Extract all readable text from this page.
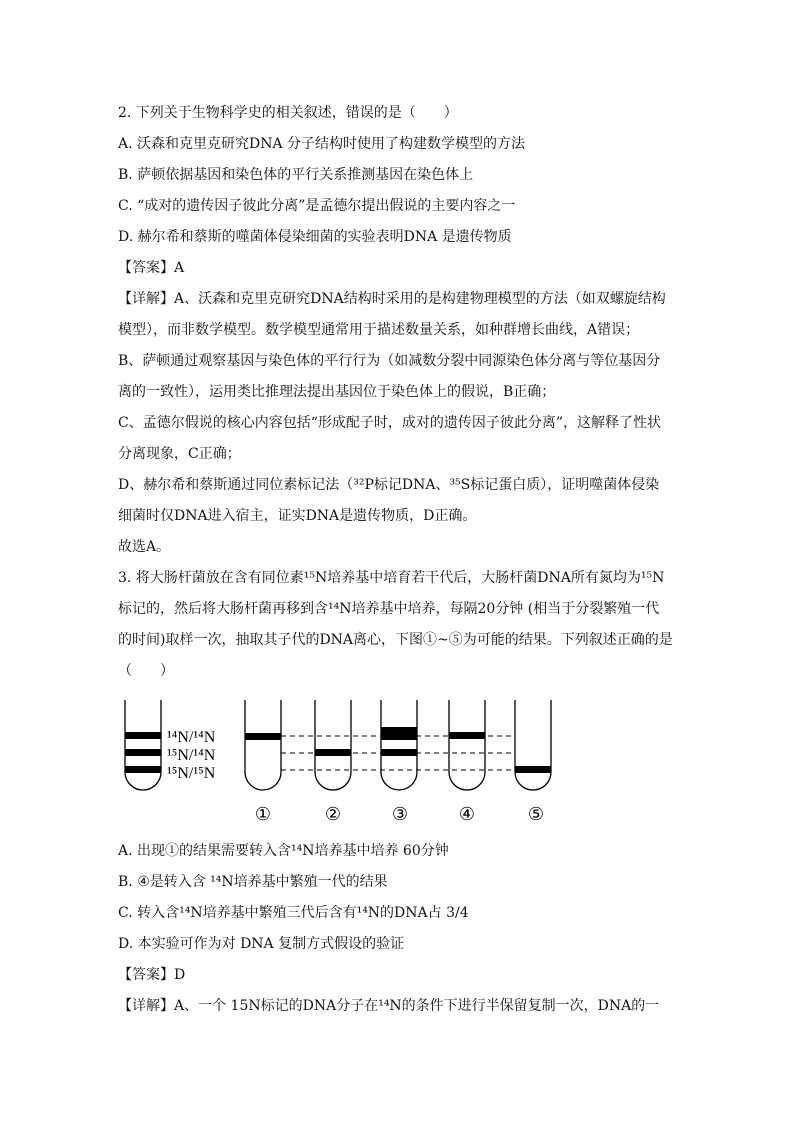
2. 下列关于生物科学史的相关叙述，错误的是（　　）
A. 沃森和克里克研究DNA 分子结构时使用了构建数学模型的方法
B. 萨顿依据基因和染色体的平行关系推测基因在染色体上
C. “成对的遗传因子彼此分离”是孟德尔提出假说的主要内容之一
D. 赫尔希和蔡斯的噬菌体侵染细菌的实验表明DNA 是遗传物质
【答案】A
【详解】A、沃森和克里克研究DNA结构时采用的是构建物理模型的方法（如双螺旋结构
模型），而非数学模型。数学模型通常用于描述数量关系，如种群增长曲线，A错误；
B、萨顿通过观察基因与染色体的平行行为（如减数分裂中同源染色体分离与等位基因分
离的一致性），运用类比推理法提出基因位于染色体上的假说，B正确；
C、孟德尔假说的核心内容包括“形成配子时，成对的遗传因子彼此分离”，这解释了性状
分离现象，C正确；
D、赫尔希和蔡斯通过同位素标记法（³²P标记DNA、³⁵S标记蛋白质），证明噬菌体侵染
细菌时仅DNA进入宿主，证实DNA是遗传物质，D正确。
故选A。
3. 将大肠杆菌放在含有同位素¹⁵N培养基中培育若干代后，大肠杆菌DNA所有氮均为¹⁵N
标记的，然后将大肠杆菌再移到含¹⁴N培养基中培养，每隔20分钟 (相当于分裂繁殖一代
的时间)取样一次，抽取其子代的DNA离心，下图①~⑤为可能的结果。下列叙述正确的是
（　　）
¹⁴N/¹⁴N
¹⁵N/¹⁴N
¹⁵N/¹⁵N
①	②	③	④	⑤
A. 出现①的结果需要转入含¹⁴N培养基中培养 60分钟
B. ④是转入含 ¹⁴N培养基中繁殖一代的结果
C. 转入含¹⁴N培养基中繁殖三代后含有¹⁴N的DNA占 3/4
D. 本实验可作为对 DNA 复制方式假设的验证
【答案】D
【详解】A、一个 15N标记的DNA分子在¹⁴N的条件下进行半保留复制一次，DNA的一
